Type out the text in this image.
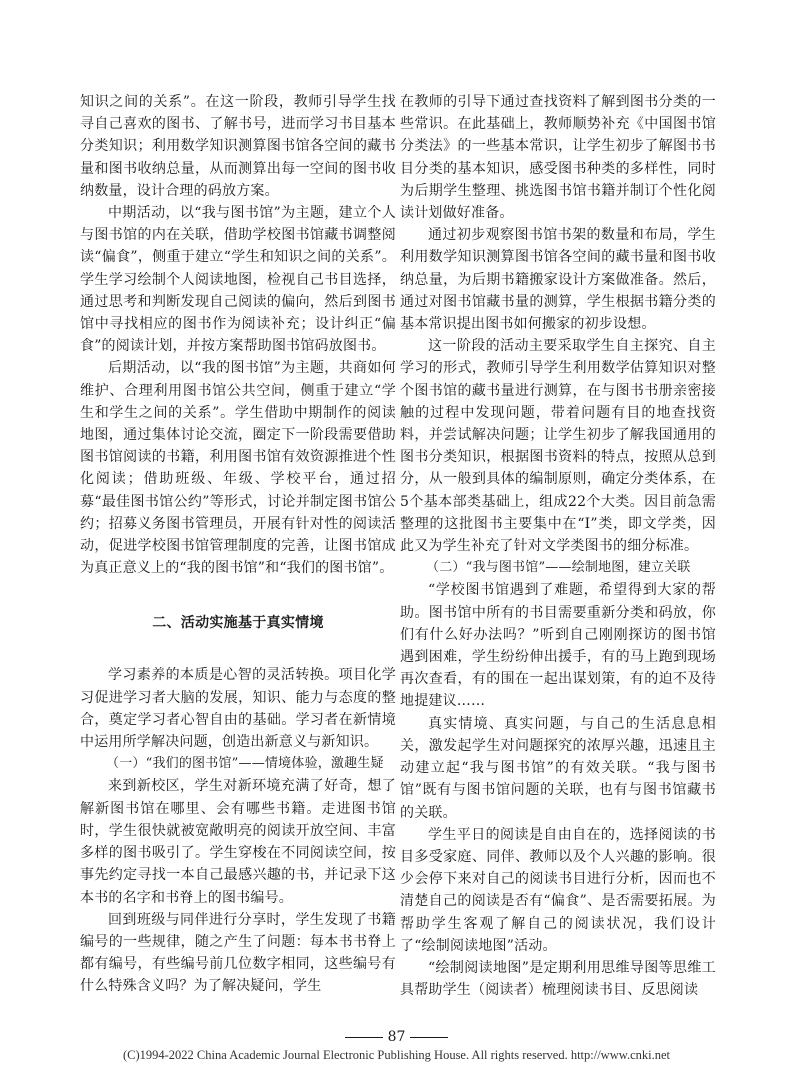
知识之间的关系”。在这一阶段，教师引导学生找寻自己喜欢的图书、了解书号，进而学习书目基本分类知识；利用数学知识测算图书馆各空间的藏书量和图书收纳总量，从而测算出每一空间的图书收纳数量，设计合理的码放方案。

中期活动，以“我与图书馆”为主题，建立个人与图书馆的内在关联，借助学校图书馆藏书调整阅读“偏食”，侧重于建立“学生和知识之间的关系”。学生学习绘制个人阅读地图，检视自己书目选择，通过思考和判断发现自己阅读的偏向，然后到图书馆中寻找相应的图书作为阅读补充；设计纠正“偏食”的阅读计划，并按方案帮助图书馆码放图书。

后期活动，以“我的图书馆”为主题，共商如何维护、合理利用图书馆公共空间，侧重于建立“学生和学生之间的关系”。学生借助中期制作的阅读地图，通过集体讨论交流，圈定下一阶段需要借助图书馆阅读的书籍，利用图书馆有效资源推进个性化阅读；借助班级、年级、学校平台，通过招募“最佳图书馆公约”等形式，讨论并制定图书馆公约；招募义务图书管理员，开展有针对性的阅读活动，促进学校图书馆管理制度的完善，让图书馆成为真正意义上的“我的图书馆”和“我们的图书馆”。

二、活动实施基于真实情境

学习素养的本质是心智的灵活转换。项目化学习促进学习者大脑的发展，知识、能力与态度的整合，奠定学习者心智自由的基础。学习者在新情境中运用所学解决问题，创造出新意义与新知识。

（一）“我们的图书馆”——情境体验，激趣生疑

来到新校区，学生对新环境充满了好奇，想了解新图书馆在哪里、会有哪些书籍。走进图书馆时，学生很快就被宽敞明亮的阅读开放空间、丰富多样的图书吸引了。学生穿梭在不同阅读空间，按事先约定寻找一本自己最感兴趣的书，并记录下这本书的名字和书脊上的图书编号。

回到班级与同伴进行分享时，学生发现了书籍编号的一些规律，随之产生了问题：每本书书脊上都有编号，有些编号前几位数字相同，这些编号有什么特殊含义吗？为了解决疑问，学生

在教师的引导下通过查找资料了解到图书分类的一些常识。在此基础上，教师顺势补充《中国图书馆分类法》的一些基本常识，让学生初步了解图书书目分类的基本知识，感受图书种类的多样性，同时为后期学生整理、挑选图书馆书籍并制订个性化阅读计划做好准备。

通过初步观察图书馆书架的数量和布局，学生利用数学知识测算图书馆各空间的藏书量和图书收纳总量，为后期书籍搬家设计方案做准备。然后，通过对图书馆藏书量的测算，学生根据书籍分类的基本常识提出图书如何搬家的初步设想。

这一阶段的活动主要采取学生自主探究、自主学习的形式，教师引导学生利用数学估算知识对整个图书馆的藏书量进行测算，在与图书书册亲密接触的过程中发现问题，带着问题有目的地查找资料，并尝试解决问题；让学生初步了解我国通用的图书分类知识，根据图书资料的特点，按照从总到分，从一般到具体的编制原则，确定分类体系，在5个基本部类基础上，组成22个大类。因目前急需整理的这批图书主要集中在“I”类，即文学类，因此又为学生补充了针对文学类图书的细分标准。

（二）“我与图书馆”——绘制地图，建立关联

“学校图书馆遇到了难题，希望得到大家的帮助。图书馆中所有的书目需要重新分类和码放，你们有什么好办法吗？”听到自己刚刚探访的图书馆遇到困难，学生纷纷伸出援手，有的马上跑到现场再次查看，有的围在一起出谋划策，有的迫不及待地提建议……

真实情境、真实问题，与自己的生活息息相关，激发起学生对问题探究的浓厚兴趣，迅速且主动建立起“我与图书馆”的有效关联。“我与图书馆”既有与图书馆问题的关联，也有与图书馆藏书的关联。

学生平日的阅读是自由自在的，选择阅读的书目多受家庭、同伴、教师以及个人兴趣的影响。很少会停下来对自己的阅读书目进行分析，因而也不清楚自己的阅读是否有“偏食”、是否需要拓展。为帮助学生客观了解自己的阅读状况，我们设计了“绘制阅读地图”活动。

“绘制阅读地图”是定期利用思维导图等思维工具帮助学生（阅读者）梳理阅读书目、反思阅读

87
(C)1994-2022 China Academic Journal Electronic Publishing House. All rights reserved. http://www.cnki.net
